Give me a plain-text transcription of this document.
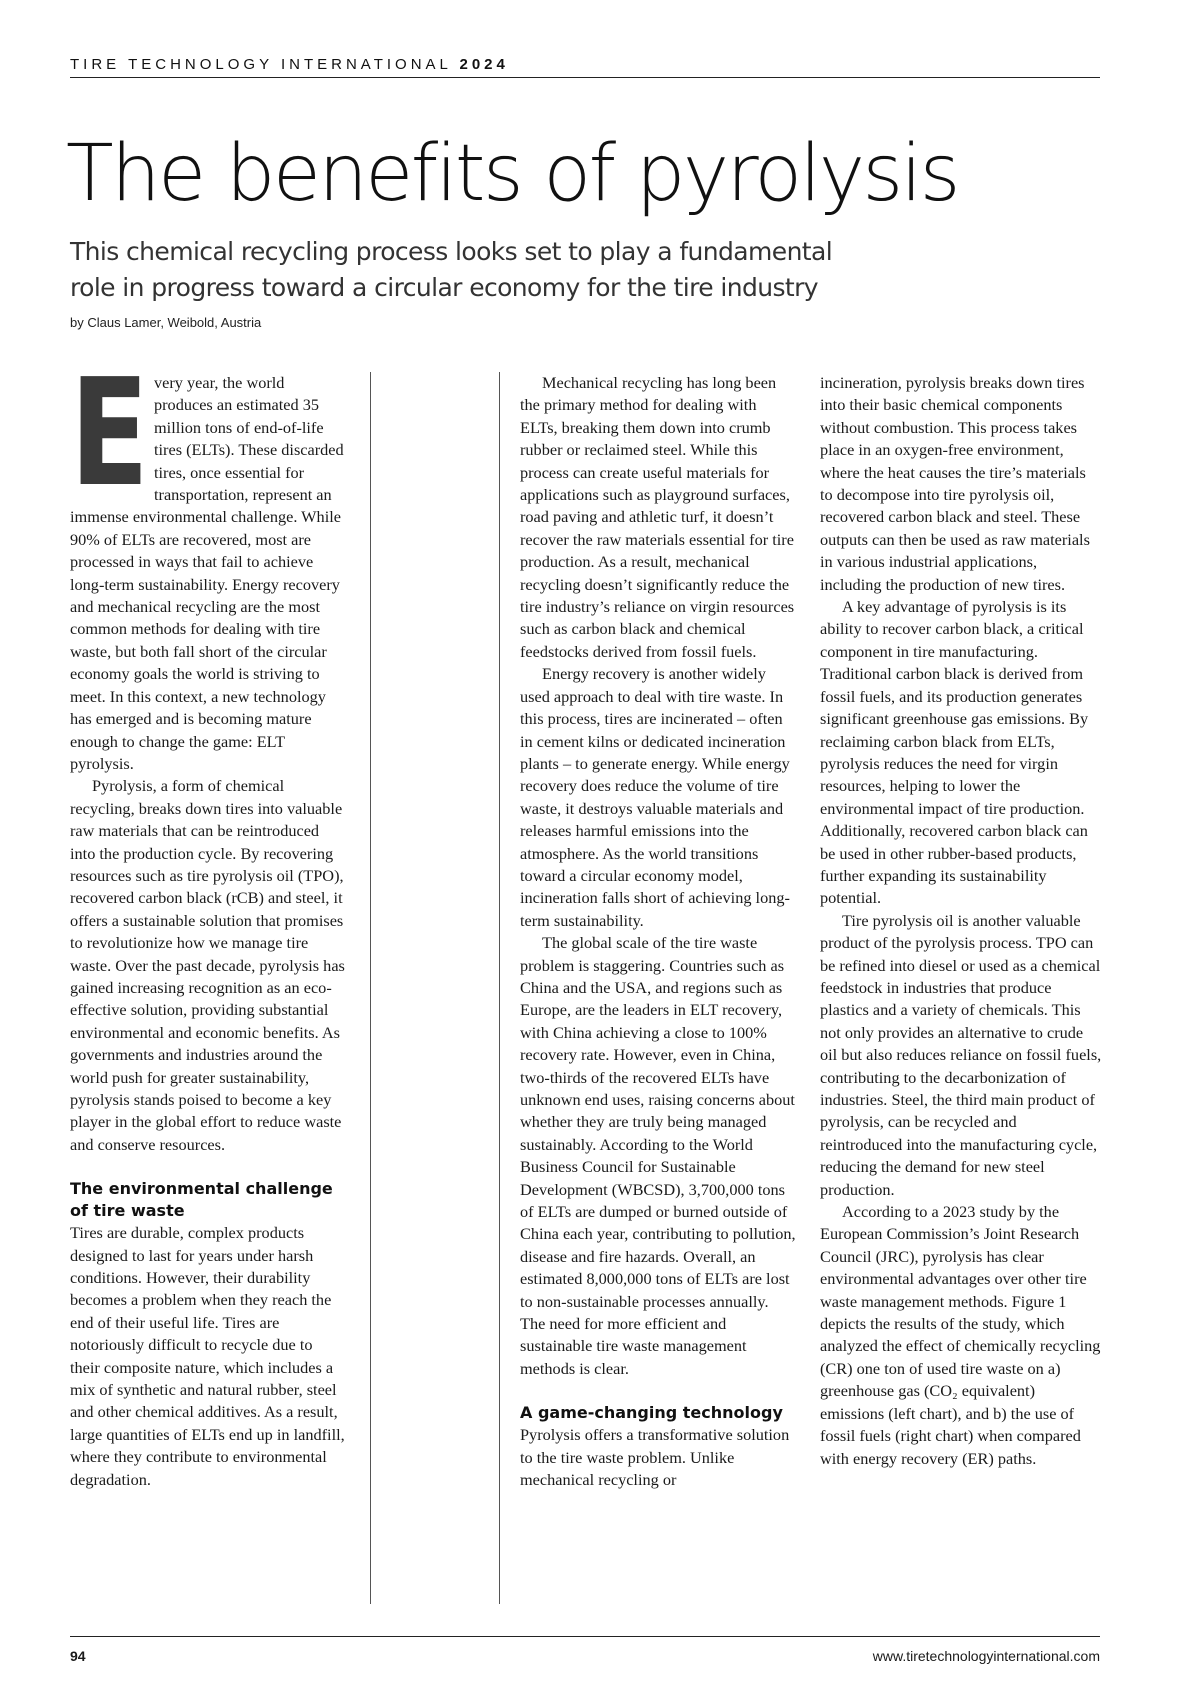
TIRE TECHNOLOGY INTERNATIONAL 2024
The benefits of pyrolysis
This chemical recycling process looks set to play a fundamental
role in progress toward a circular economy for the tire industry
by Claus Lamer, Weibold, Austria
E very year, the world produces an estimated 35 million tons of end-of-life tires (ELTs). These discarded tires, once essential for transportation, represent an immense environmental challenge. While 90% of ELTs are recovered, most are processed in ways that fail to achieve long-term sustainability. Energy recovery and mechanical recycling are the most common methods for dealing with tire waste, but both fall short of the circular economy goals the world is striving to meet. In this context, a new technology has emerged and is becoming mature enough to change the game: ELT pyrolysis.

Pyrolysis, a form of chemical recycling, breaks down tires into valuable raw materials that can be reintroduced into the production cycle. By recovering resources such as tire pyrolysis oil (TPO), recovered carbon black (rCB) and steel, it offers a sustainable solution that promises to revolutionize how we manage tire waste. Over the past decade, pyrolysis has gained increasing recognition as an eco-effective solution, providing substantial environmental and economic benefits. As governments and industries around the world push for greater sustainability, pyrolysis stands poised to become a key player in the global effort to reduce waste and conserve resources.

The environmental challenge of tire waste

Tires are durable, complex products designed to last for years under harsh conditions. However, their durability becomes a problem when they reach the end of their useful life. Tires are notoriously difficult to recycle due to their composite nature, which includes a mix of synthetic and natural rubber, steel and other chemical additives. As a result, large quantities of ELTs end up in landfill, where they contribute to environmental degradation.

Mechanical recycling has long been the primary method for dealing with ELTs, breaking them down into crumb rubber or reclaimed steel. While this process can create useful materials for applications such as playground surfaces, road paving and athletic turf, it doesn’t recover the raw materials essential for tire production. As a result, mechanical recycling doesn’t significantly reduce the tire industry’s reliance on virgin resources such as carbon black and chemical feedstocks derived from fossil fuels.

Energy recovery is another widely used approach to deal with tire waste. In this process, tires are incinerated – often in cement kilns or dedicated incineration plants – to generate energy. While energy recovery does reduce the volume of tire waste, it destroys valuable materials and releases harmful emissions into the atmosphere. As the world transitions toward a circular economy model, incineration falls short of achieving long-term sustainability.

The global scale of the tire waste problem is staggering. Countries such as China and the USA, and regions such as Europe, are the leaders in ELT recovery, with China achieving a close to 100% recovery rate. However, even in China, two-thirds of the recovered ELTs have unknown end uses, raising concerns about whether they are truly being managed sustainably. According to the World Business Council for Sustainable Development (WBCSD), 3,700,000 tons of ELTs are dumped or burned outside of China each year, contributing to pollution, disease and fire hazards. Overall, an estimated 8,000,000 tons of ELTs are lost to non-sustainable processes annually. The need for more efficient and sustainable tire waste management methods is clear.

A game-changing technology

Pyrolysis offers a transformative solution to the tire waste problem. Unlike mechanical recycling or

incineration, pyrolysis breaks down tires into their basic chemical components without combustion. This process takes place in an oxygen-free environment, where the heat causes the tire’s materials to decompose into tire pyrolysis oil, recovered carbon black and steel. These outputs can then be used as raw materials in various industrial applications, including the production of new tires.

A key advantage of pyrolysis is its ability to recover carbon black, a critical component in tire manufacturing. Traditional carbon black is derived from fossil fuels, and its production generates significant greenhouse gas emissions. By reclaiming carbon black from ELTs, pyrolysis reduces the need for virgin resources, helping to lower the environmental impact of tire production. Additionally, recovered carbon black can be used in other rubber-based products, further expanding its sustainability potential.

Tire pyrolysis oil is another valuable product of the pyrolysis process. TPO can be refined into diesel or used as a chemical feedstock in industries that produce plastics and a variety of chemicals. This not only provides an alternative to crude oil but also reduces reliance on fossil fuels, contributing to the decarbonization of industries. Steel, the third main product of pyrolysis, can be recycled and reintroduced into the manufacturing cycle, reducing the demand for new steel production.

According to a 2023 study by the European Commission’s Joint Research Council (JRC), pyrolysis has clear environmental advantages over other tire waste management methods. Figure 1 depicts the results of the study, which analyzed the effect of chemically recycling (CR) one ton of used tire waste on a) greenhouse gas (CO₂ equivalent) emissions (left chart), and b) the use of fossil fuels (right chart) when compared with energy recovery (ER) paths.

94	www.tiretechnologyinternational.com
